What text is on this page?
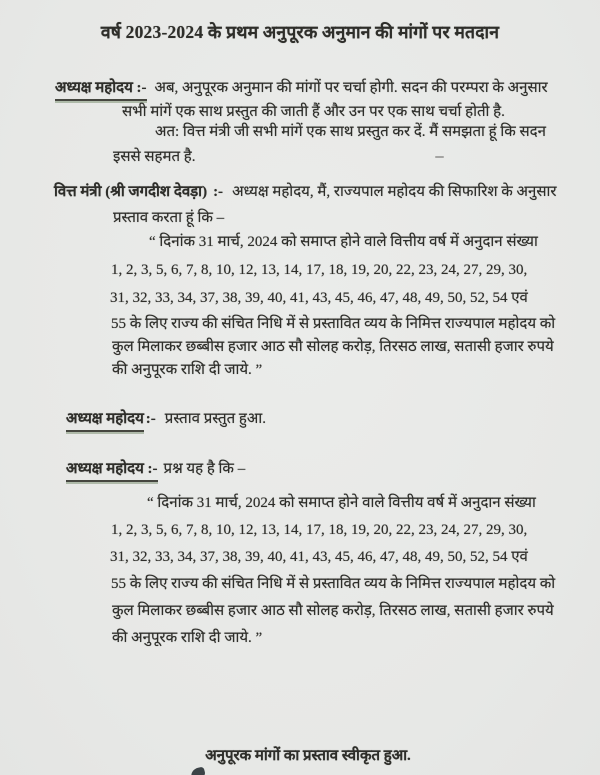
वर्ष 2023-2024 के प्रथम अनुपूरक अनुमान की मांगों पर मतदान
अध्यक्ष महोदय :- अब, अनुपूरक अनुमान की मांगों पर चर्चा होगी. सदन की परम्परा के अनुसार
सभी मांगें एक साथ प्रस्तुत की जाती हैं और उन पर एक साथ चर्चा होती है.
अत: वित्त मंत्री जी सभी मांगें एक साथ प्रस्तुत कर दें. मैं समझता हूं कि सदन
इससे सहमत है.
वित्त मंत्री (श्री जगदीश देवड़ा) :- अध्यक्ष महोदय, मैं, राज्यपाल महोदय की सिफारिश के अनुसार
प्रस्ताव करता हूं कि –
“ दिनांक 31 मार्च, 2024 को समाप्त होने वाले वित्तीय वर्ष में अनुदान संख्या
1, 2, 3, 5, 6, 7, 8, 10, 12, 13, 14, 17, 18, 19, 20, 22, 23, 24, 27, 29, 30,
31, 32, 33, 34, 37, 38, 39, 40, 41, 43, 45, 46, 47, 48, 49, 50, 52, 54 एवं
55 के लिए राज्य की संचित निधि में से प्रस्तावित व्यय के निमित्त राज्यपाल महोदय को
कुल मिलाकर छब्बीस हजार आठ सौ सोलह करोड़, तिरसठ लाख, सतासी हजार रुपये
की अनुपूरक राशि दी जाये. ”
अध्यक्ष महोदय :- प्रस्ताव प्रस्तुत हुआ.
अध्यक्ष महोदय :- प्रश्न यह है कि –
“ दिनांक 31 मार्च, 2024 को समाप्त होने वाले वित्तीय वर्ष में अनुदान संख्या
1, 2, 3, 5, 6, 7, 8, 10, 12, 13, 14, 17, 18, 19, 20, 22, 23, 24, 27, 29, 30,
31, 32, 33, 34, 37, 38, 39, 40, 41, 43, 45, 46, 47, 48, 49, 50, 52, 54 एवं
55 के लिए राज्य की संचित निधि में से प्रस्तावित व्यय के निमित्त राज्यपाल महोदय को
कुल मिलाकर छब्बीस हजार आठ सौ सोलह करोड़, तिरसठ लाख, सतासी हजार रुपये
की अनुपूरक राशि दी जाये. ”
अनुपूरक मांगों का प्रस्ताव स्वीकृत हुआ.
